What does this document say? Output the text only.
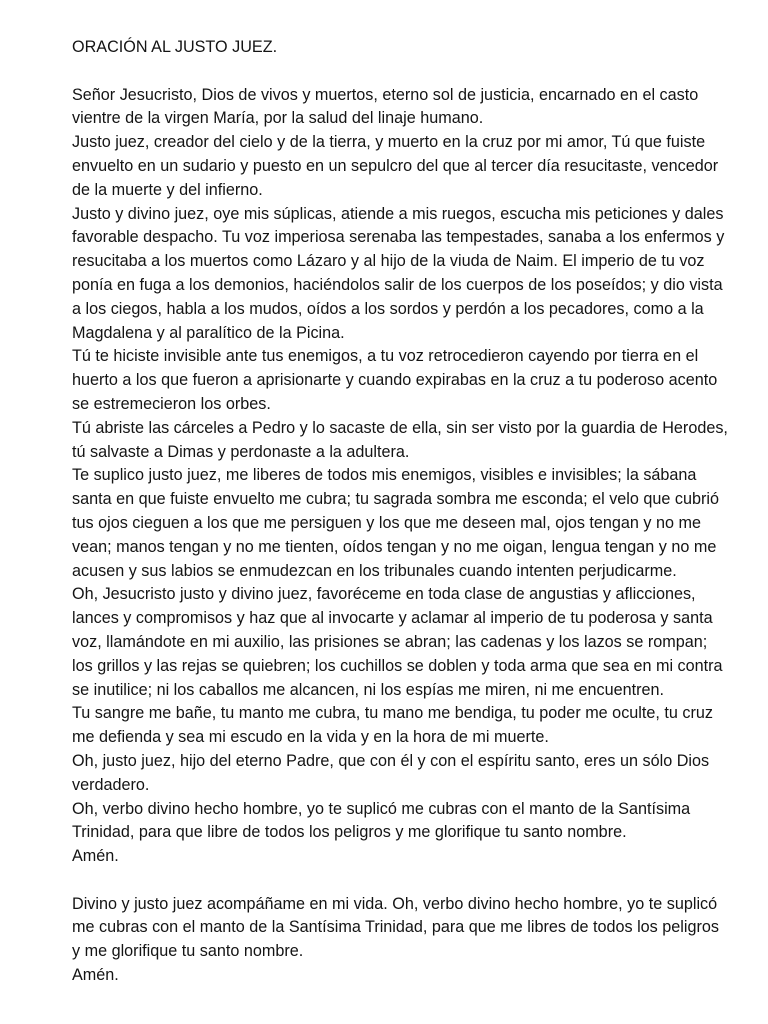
ORACIÓN AL JUSTO JUEZ.

Señor Jesucristo, Dios de vivos y muertos, eterno sol de justicia, encarnado en el casto

vientre de la virgen María, por la salud del linaje humano.

Justo juez, creador del cielo y de la tierra, y muerto en la cruz por mi amor, Tú que fuiste

envuelto en un sudario y puesto en un sepulcro del que al tercer día resucitaste, vencedor

de la muerte y del infierno.

Justo y divino juez, oye mis súplicas, atiende a mis ruegos, escucha mis peticiones y dales

favorable despacho. Tu voz imperiosa serenaba las tempestades, sanaba a los enfermos y

resucitaba a los muertos como Lázaro y al hijo de la viuda de Naim. El imperio de tu voz

ponía en fuga a los demonios, haciéndolos salir de los cuerpos de los poseídos; y dio vista

a los ciegos, habla a los mudos, oídos a los sordos y perdón a los pecadores, como a la

Magdalena y al paralítico de la Picina.

Tú te hiciste invisible ante tus enemigos, a tu voz retrocedieron cayendo por tierra en el

huerto a los que fueron a aprisionarte y cuando expirabas en la cruz a tu poderoso acento

se estremecieron los orbes.

Tú abriste las cárceles a Pedro y lo sacaste de ella, sin ser visto por la guardia de Herodes,

tú salvaste a Dimas y perdonaste a la adultera.

Te suplico justo juez, me liberes de todos mis enemigos, visibles e invisibles; la sábana

santa en que fuiste envuelto me cubra; tu sagrada sombra me esconda; el velo que cubrió

tus ojos cieguen a los que me persiguen y los que me deseen mal, ojos tengan y no me

vean; manos tengan y no me tienten, oídos tengan y no me oigan, lengua tengan y no me

acusen y sus labios se enmudezcan en los tribunales cuando intenten perjudicarme.

Oh, Jesucristo justo y divino juez, favoréceme en toda clase de angustias y aflicciones,

lances y compromisos y haz que al invocarte y aclamar al imperio de tu poderosa y santa

voz, llamándote en mi auxilio, las prisiones se abran; las cadenas y los lazos se rompan;

los grillos y las rejas se quiebren; los cuchillos se doblen y toda arma que sea en mi contra

se inutilice; ni los caballos me alcancen, ni los espías me miren, ni me encuentren.

Tu sangre me bañe, tu manto me cubra, tu mano me bendiga, tu poder me oculte, tu cruz

me defienda y sea mi escudo en la vida y en la hora de mi muerte.

Oh, justo juez, hijo del eterno Padre, que con él y con el espíritu santo, eres un sólo Dios

verdadero.

Oh, verbo divino hecho hombre, yo te suplicó me cubras con el manto de la Santísima

Trinidad, para que libre de todos los peligros y me glorifique tu santo nombre.

Amén.

Divino y justo juez acompáñame en mi vida. Oh, verbo divino hecho hombre, yo te suplicó

me cubras con el manto de la Santísima Trinidad, para que me libres de todos los peligros

y me glorifique tu santo nombre.

Amén.
